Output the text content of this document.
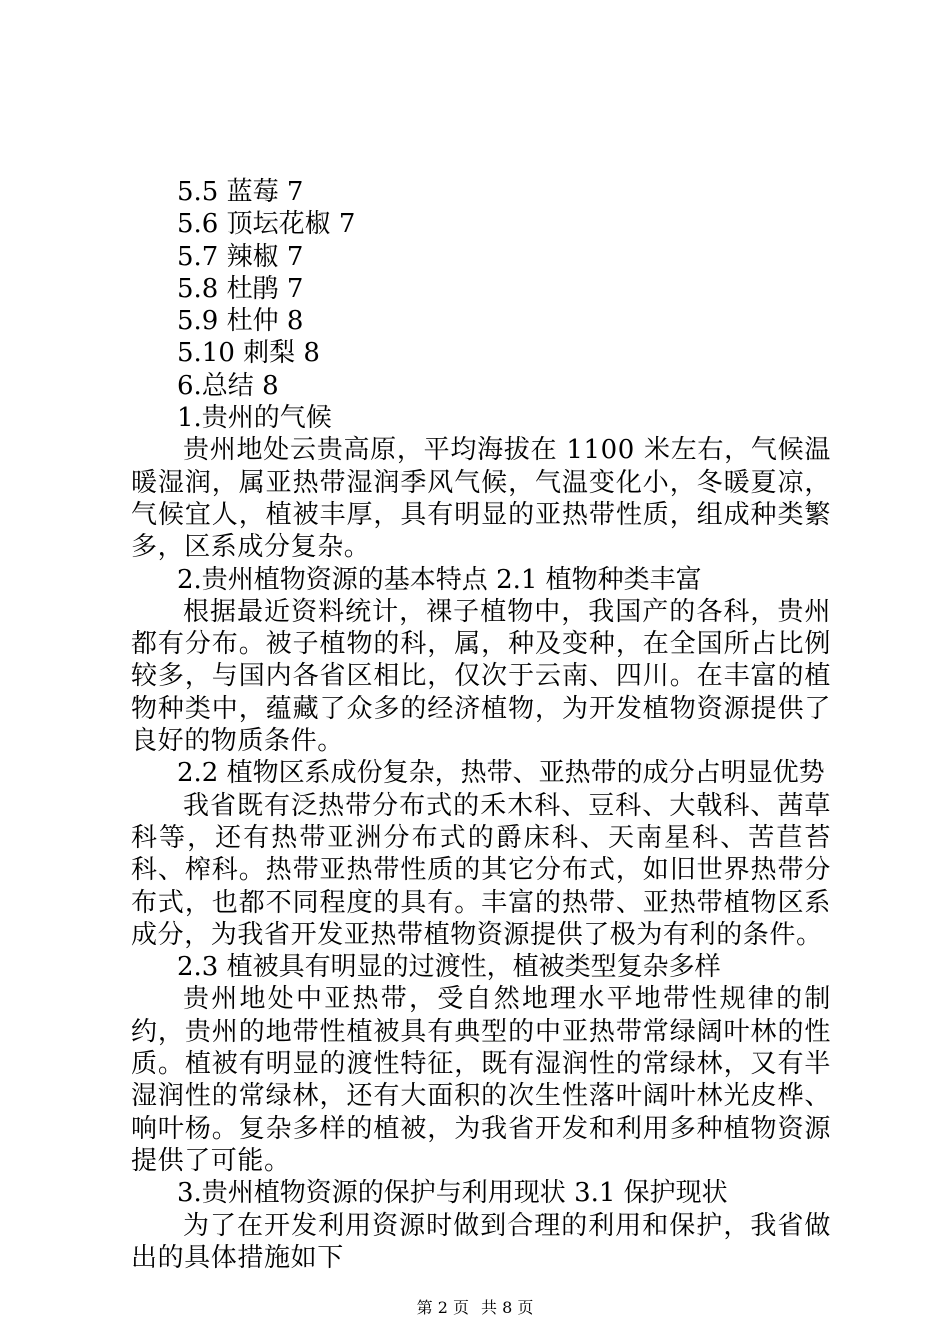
5.5 蓝莓 7
5.6 顶坛花椒 7
5.7 辣椒 7
5.8 杜鹃 7
5.9 杜仲 8
5.10 刺梨 8
6.总结 8
1.贵州的气候

贵州地处云贵高原，平均海拔在 1100 米左右，气候温暖湿润，属亚热带湿润季风气候，气温变化小，冬暖夏凉，气候宜人，植被丰厚，具有明显的亚热带性质，组成种类繁多，区系成分复杂。

2.贵州植物资源的基本特点 2.1 植物种类丰富

根据最近资料统计，裸子植物中，我国产的各科，贵州都有分布。被子植物的科，属，种及变种，在全国所占比例较多，与国内各省区相比，仅次于云南、四川。在丰富的植物种类中，蕴藏了众多的经济植物，为开发植物资源提供了良好的物质条件。

2.2 植物区系成份复杂，热带、亚热带的成分占明显优势

我省既有泛热带分布式的禾木科、豆科、大戟科、茜草科等，还有热带亚洲分布式的爵床科、天南星科、苦苣苔科、榨科。热带亚热带性质的其它分布式，如旧世界热带分布式，也都不同程度的具有。丰富的热带、亚热带植物区系成分，为我省开发亚热带植物资源提供了极为有利的条件。

2.3 植被具有明显的过渡性，植被类型复杂多样

贵州地处中亚热带，受自然地理水平地带性规律的制约，贵州的地带性植被具有典型的中亚热带常绿阔叶林的性质。植被有明显的渡性特征，既有湿润性的常绿林，又有半湿润性的常绿林，还有大面积的次生性落叶阔叶林光皮桦、响叶杨。复杂多样的植被，为我省开发和利用多种植物资源提供了可能。

3.贵州植物资源的保护与利用现状 3.1 保护现状

为了在开发利用资源时做到合理的利用和保护，我省做出的具体措施如下

第 2 页 共 8 页
